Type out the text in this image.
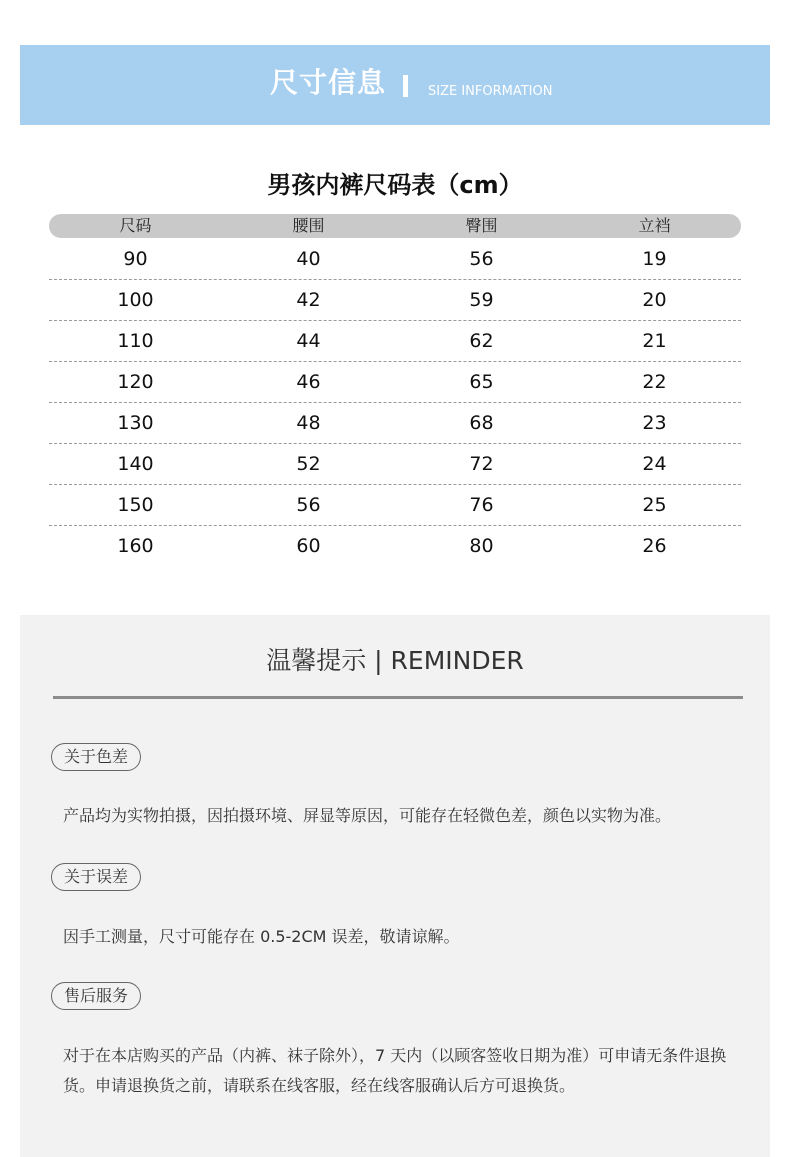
尺寸信息	SIZE INFORMATION
男孩内裤尺码表（cm）
尺码	腰围	臀围	立裆
90	40	56	19
100	42	59	20
110	44	62	21
120	46	65	22
130	48	68	23
140	52	72	24
150	56	76	25
160	60	80	26
温馨提示 | REMINDER
关于色差
产品均为实物拍摄，因拍摄环境、屏显等原因，可能存在轻微色差，颜色以实物为准。
关于误差
因手工测量，尺寸可能存在 0.5-2CM 误差，敬请谅解。
售后服务
对于在本店购买的产品（内裤、袜子除外），7 天内（以顾客签收日期为准）可申请无条件退换货。申请退换货之前，请联系在线客服，经在线客服确认后方可退换货。
